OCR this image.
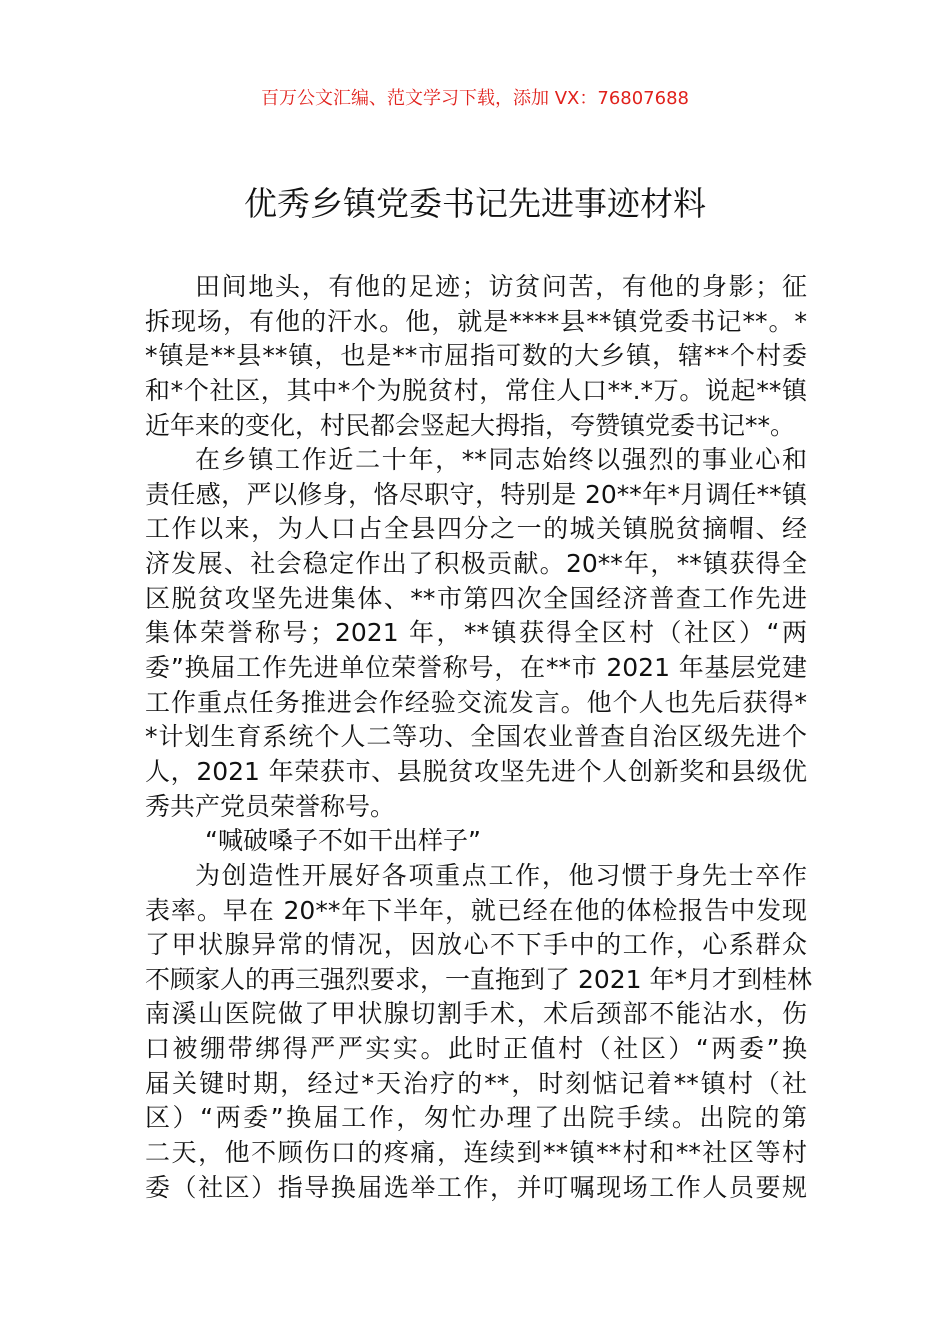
百万公文汇编、范文学习下载，添加 VX：76807688
优秀乡镇党委书记先进事迹材料
田间地头，有他的足迹；访贫问苦，有他的身影；征
拆现场，有他的汗水。他，就是****县**镇党委书记**。*
*镇是**县**镇，也是**市屈指可数的大乡镇，辖**个村委
和*个社区，其中*个为脱贫村，常住人口**.*万。说起**镇
近年来的变化，村民都会竖起大拇指，夸赞镇党委书记**。
在乡镇工作近二十年，**同志始终以强烈的事业心和
责任感，严以修身，恪尽职守，特别是 20**年*月调任**镇
工作以来，为人口占全县四分之一的城关镇脱贫摘帽、经
济发展、社会稳定作出了积极贡献。20**年，**镇获得全
区脱贫攻坚先进集体、**市第四次全国经济普查工作先进
集体荣誉称号；2021 年，**镇获得全区村（社区）“两
委”换届工作先进单位荣誉称号，在**市 2021 年基层党建
工作重点任务推进会作经验交流发言。他个人也先后获得*
*计划生育系统个人二等功、全国农业普查自治区级先进个
人，2021 年荣获市、县脱贫攻坚先进个人创新奖和县级优
秀共产党员荣誉称号。
“喊破嗓子不如干出样子”
为创造性开展好各项重点工作，他习惯于身先士卒作
表率。早在 20**年下半年，就已经在他的体检报告中发现
了甲状腺异常的情况，因放心不下手中的工作，心系群众
不顾家人的再三强烈要求，一直拖到了 2021 年*月才到桂林
南溪山医院做了甲状腺切割手术，术后颈部不能沾水，伤
口被绷带绑得严严实实。此时正值村（社区）“两委”换
届关键时期，经过*天治疗的**，时刻惦记着**镇村（社
区）“两委”换届工作，匆忙办理了出院手续。出院的第
二天，他不顾伤口的疼痛，连续到**镇**村和**社区等村
委（社区）指导换届选举工作，并叮嘱现场工作人员要规
